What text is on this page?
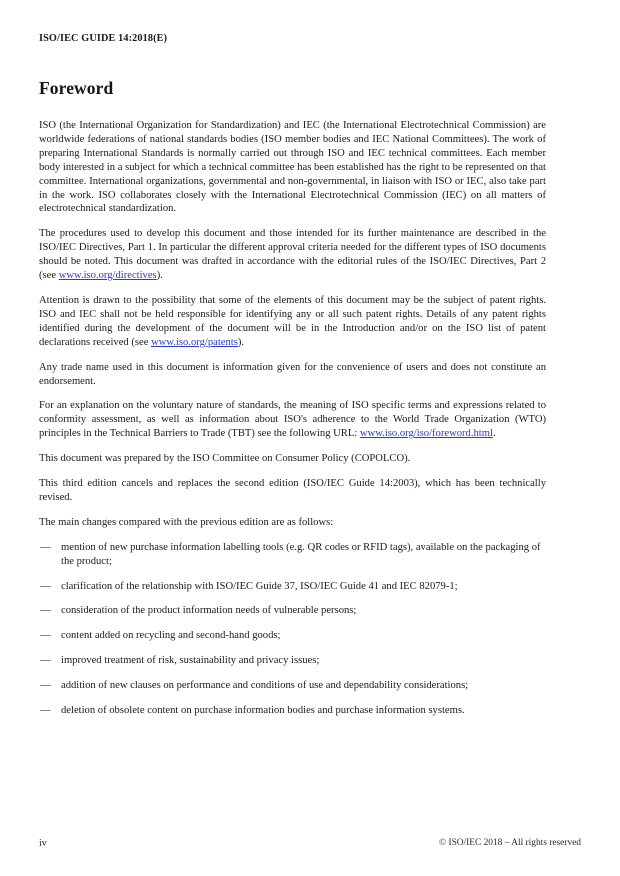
ISO/IEC GUIDE 14:2018(E)
Foreword

ISO (the International Organization for Standardization) and IEC (the International Electrotechnical Commission) are worldwide federations of national standards bodies (ISO member bodies and IEC National Committees). The work of preparing International Standards is normally carried out through ISO and IEC technical committees. Each member body interested in a subject for which a technical committee has been established has the right to be represented on that committee. International organizations, governmental and non-governmental, in liaison with ISO or IEC, also take part in the work. ISO collaborates closely with the International Electrotechnical Commission (IEC) on all matters of electrotechnical standardization.

The procedures used to develop this document and those intended for its further maintenance are described in the ISO/IEC Directives, Part 1. In particular the different approval criteria needed for the different types of ISO documents should be noted. This document was drafted in accordance with the editorial rules of the ISO/IEC Directives, Part 2 (see www.iso.org/directives).

Attention is drawn to the possibility that some of the elements of this document may be the subject of patent rights. ISO and IEC shall not be held responsible for identifying any or all such patent rights. Details of any patent rights identified during the development of the document will be in the Introduction and/or on the ISO list of patent declarations received (see www.iso.org/patents).

Any trade name used in this document is information given for the convenience of users and does not constitute an endorsement.

For an explanation on the voluntary nature of standards, the meaning of ISO specific terms and expressions related to conformity assessment, as well as information about ISO's adherence to the World Trade Organization (WTO) principles in the Technical Barriers to Trade (TBT) see the following URL: www.iso.org/iso/foreword.html.

This document was prepared by the ISO Committee on Consumer Policy (COPOLCO).

This third edition cancels and replaces the second edition (ISO/IEC Guide 14:2003), which has been technically revised.

The main changes compared with the previous edition are as follows:

— mention of new purchase information labelling tools (e.g. QR codes or RFID tags), available on the packaging of the product;
— clarification of the relationship with ISO/IEC Guide 37, ISO/IEC Guide 41 and IEC 82079-1;
— consideration of the product information needs of vulnerable persons;
— content added on recycling and second-hand goods;
— improved treatment of risk, sustainability and privacy issues;
— addition of new clauses on performance and conditions of use and dependability considerations;
— deletion of obsolete content on purchase information bodies and purchase information systems.
iv	© ISO/IEC 2018 – All rights reserved
